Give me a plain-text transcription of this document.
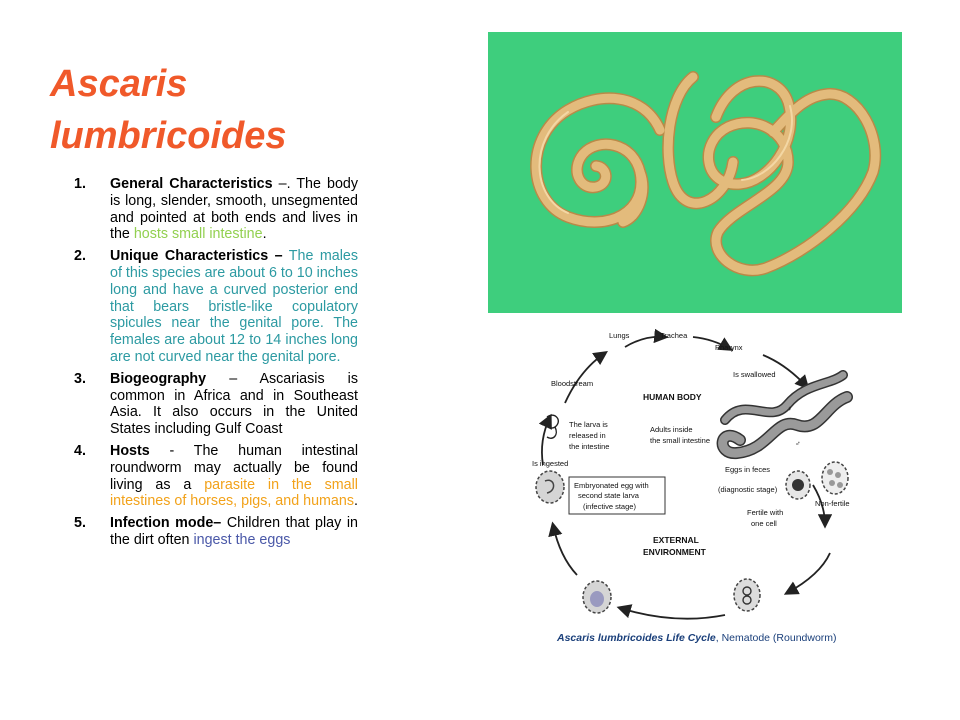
Ascaris
lumbricoides
1. General Characteristics –. The body is long, slender, smooth, unsegmented and pointed at both ends and lives in the hosts small intestine.
2. Unique Characteristics – The males of this species are about 6 to 10 inches long and have a curved posterior end that bears bristle-like copulatory spicules near the genital pore. The females are about 12 to 14 inches long are not curved near the genital pore.
3. Biogeography – Ascariasis is common in Africa and in Southeast Asia. It also occurs in the United States including Gulf Coast
4. Hosts - The human intestinal roundworm may actually be found living as a parasite in the small intestines of horses, pigs, and humans.
5. Infection mode– Children that play in the dirt often ingest the eggs
♀
♂
Lungs	Trachea
Pharynx
Bloodstream
Is swallowed
HUMAN BODY
The larva is
released in
the intestine
Adults inside
the small intestine
Is ingested
Eggs in feces
(diagnostic stage)
Embryonated egg with
second state larva
(infective stage)	Non-fertile
Fertile with
one cell
EXTERNAL
ENVIRONMENT
Ascaris lumbricoides Life Cycle, Nematode (Roundworm)
